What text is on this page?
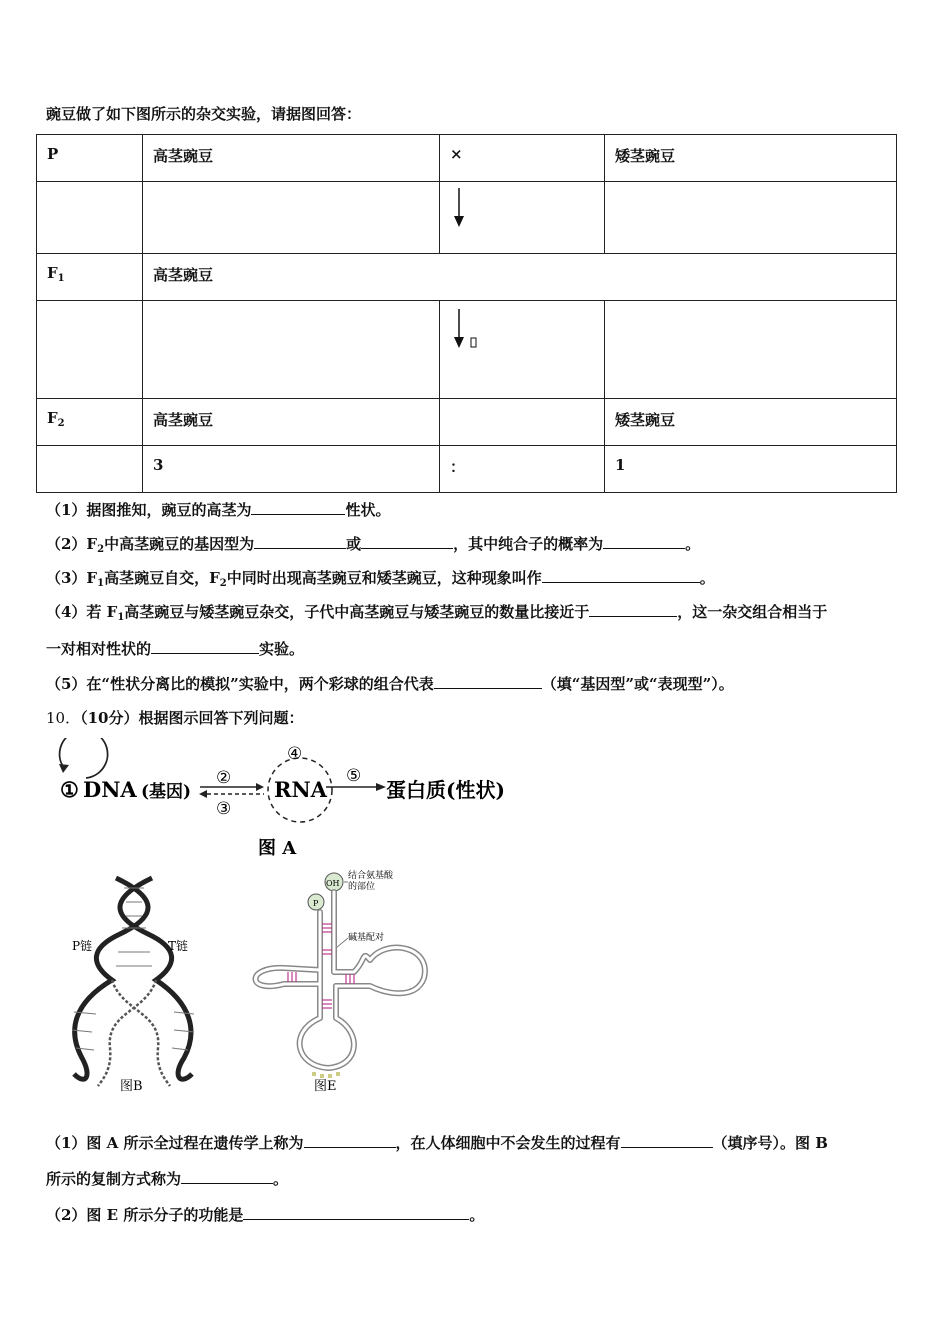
豌豆做了如下图所示的杂交实验，请据图回答：
P	高茎豌豆	×	矮茎豌豆

$F_1$	高茎豌豆		

$F_2$	高茎豌豆		矮茎豌豆
	3	：	1
（1）据图推知，豌豆的高茎为	性状。
$(2)F_2$中高茎豌豆的基因型为	或	，其中纯合子的概率为	。
$(3)F_1$高茎豌豆自交，$F_2$中同时出现高茎豌豆和矮茎豌豆，这种现象叫作	。
（4）若 $F_1$高茎豌豆与矮茎豌豆杂交，子代中高茎豌豆与矮茎豌豆的数量比接近于	，这一杂交组合相当于
一对相对性状的	实验。
（5）在“性状分离比的模拟”实验中，两个彩球的组合代表	（填“基因型”或“表现型”）。
10．（10分）根据图示回答下列问题：
① DNA (基因)
②
③
④
RNA
⑤
蛋白质(性状)
图 A
P链	T链
图B
OH
P
结合氨基酸
的部位
碱基配对
图E
（1）图 A 所示全过程在遗传学上称为	，在人体细胞中不会发生的过程有	（填序号）。图 B
所示的复制方式称为	。
（2）图 E 所示分子的功能是	。
